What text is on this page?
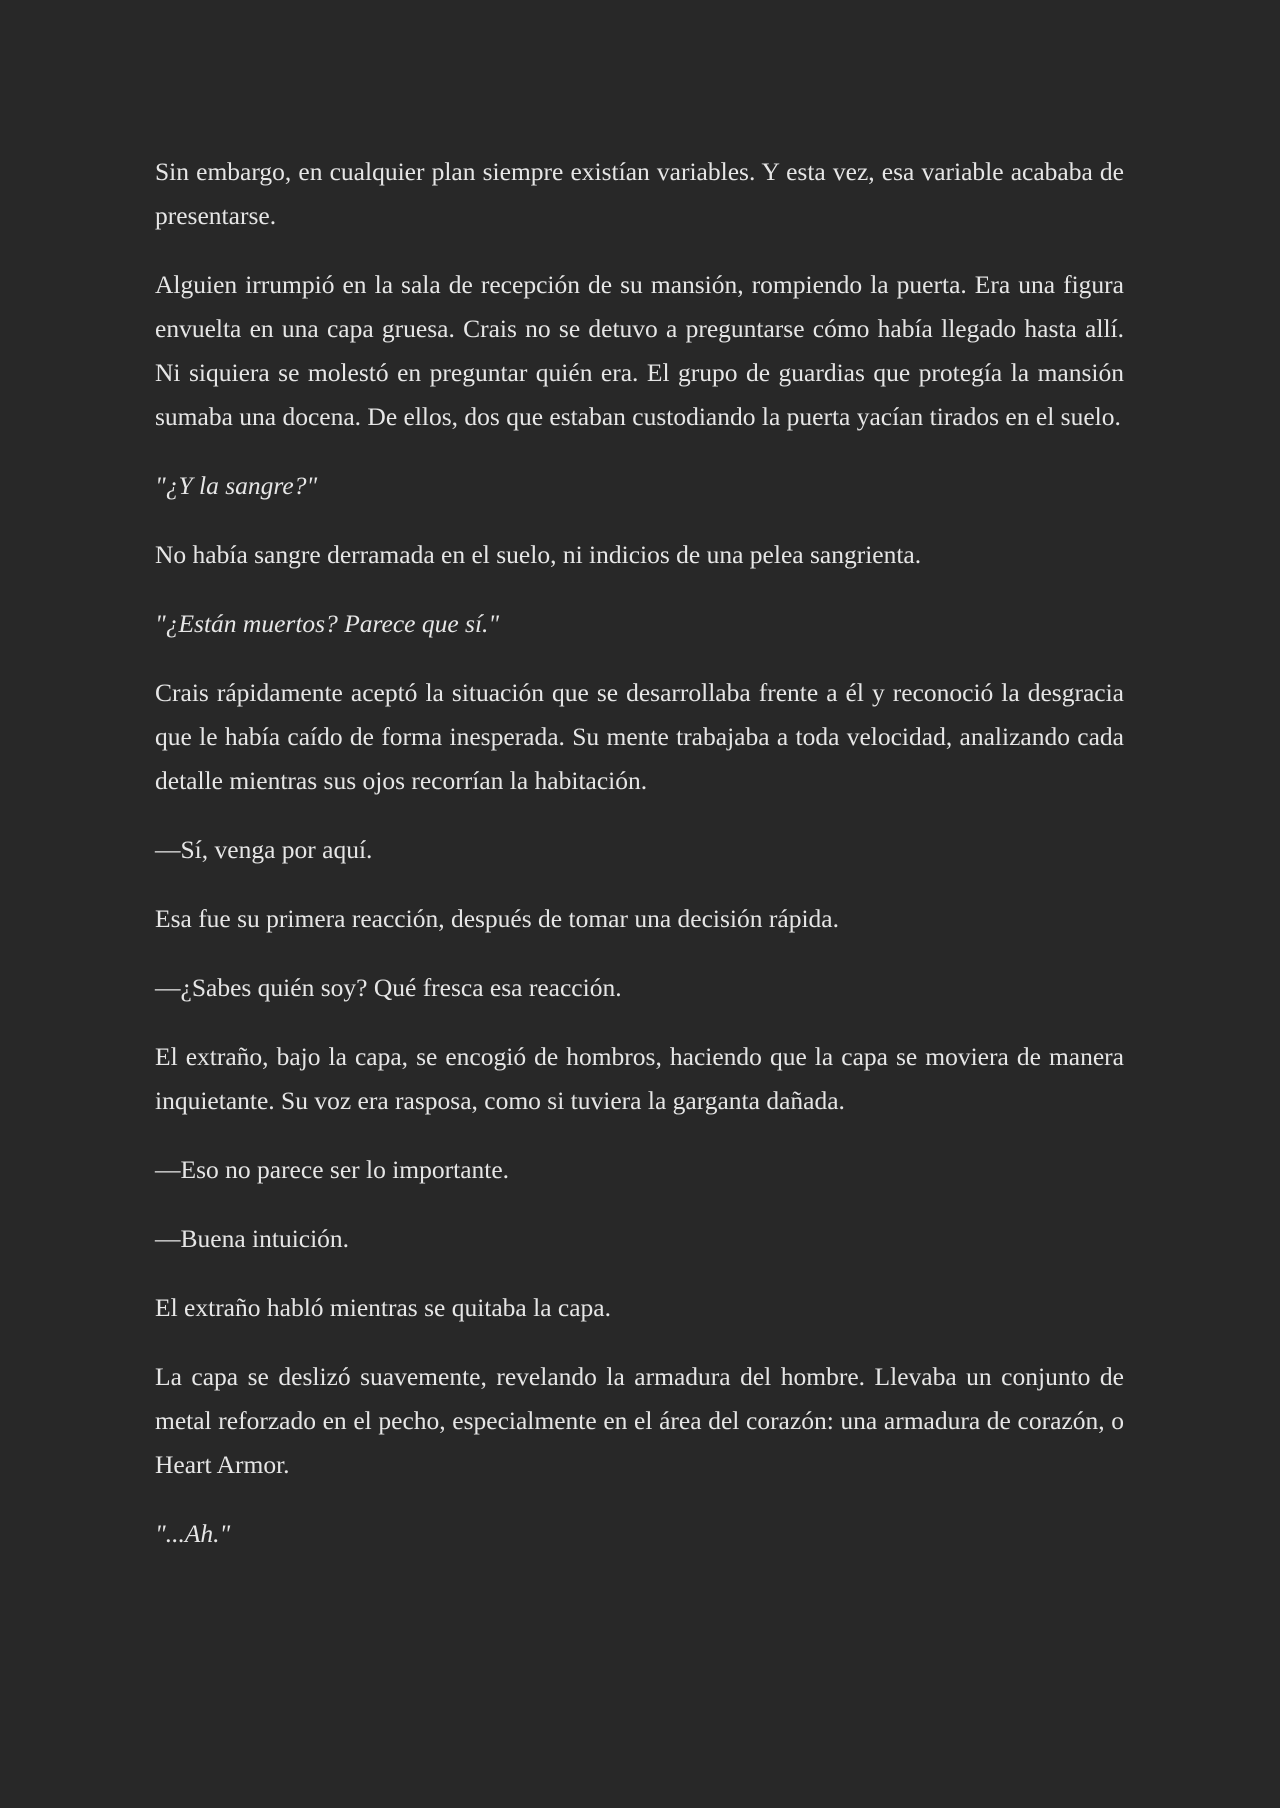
Sin embargo, en cualquier plan siempre existían variables. Y esta vez, esa variable acababa de presentarse.

Alguien irrumpió en la sala de recepción de su mansión, rompiendo la puerta. Era una figura envuelta en una capa gruesa. Crais no se detuvo a preguntarse cómo había llegado hasta allí. Ni siquiera se molestó en preguntar quién era. El grupo de guardias que protegía la mansión sumaba una docena. De ellos, dos que estaban custodiando la puerta yacían tirados en el suelo.

"¿Y la sangre?"

No había sangre derramada en el suelo, ni indicios de una pelea sangrienta.

"¿Están muertos? Parece que sí."

Crais rápidamente aceptó la situación que se desarrollaba frente a él y reconoció la desgracia que le había caído de forma inesperada. Su mente trabajaba a toda velocidad, analizando cada detalle mientras sus ojos recorrían la habitación.

—Sí, venga por aquí.

Esa fue su primera reacción, después de tomar una decisión rápida.

—¿Sabes quién soy? Qué fresca esa reacción.

El extraño, bajo la capa, se encogió de hombros, haciendo que la capa se moviera de manera inquietante. Su voz era rasposa, como si tuviera la garganta dañada.

—Eso no parece ser lo importante.

—Buena intuición.

El extraño habló mientras se quitaba la capa.

La capa se deslizó suavemente, revelando la armadura del hombre. Llevaba un conjunto de metal reforzado en el pecho, especialmente en el área del corazón: una armadura de corazón, o Heart Armor.

"...Ah."
